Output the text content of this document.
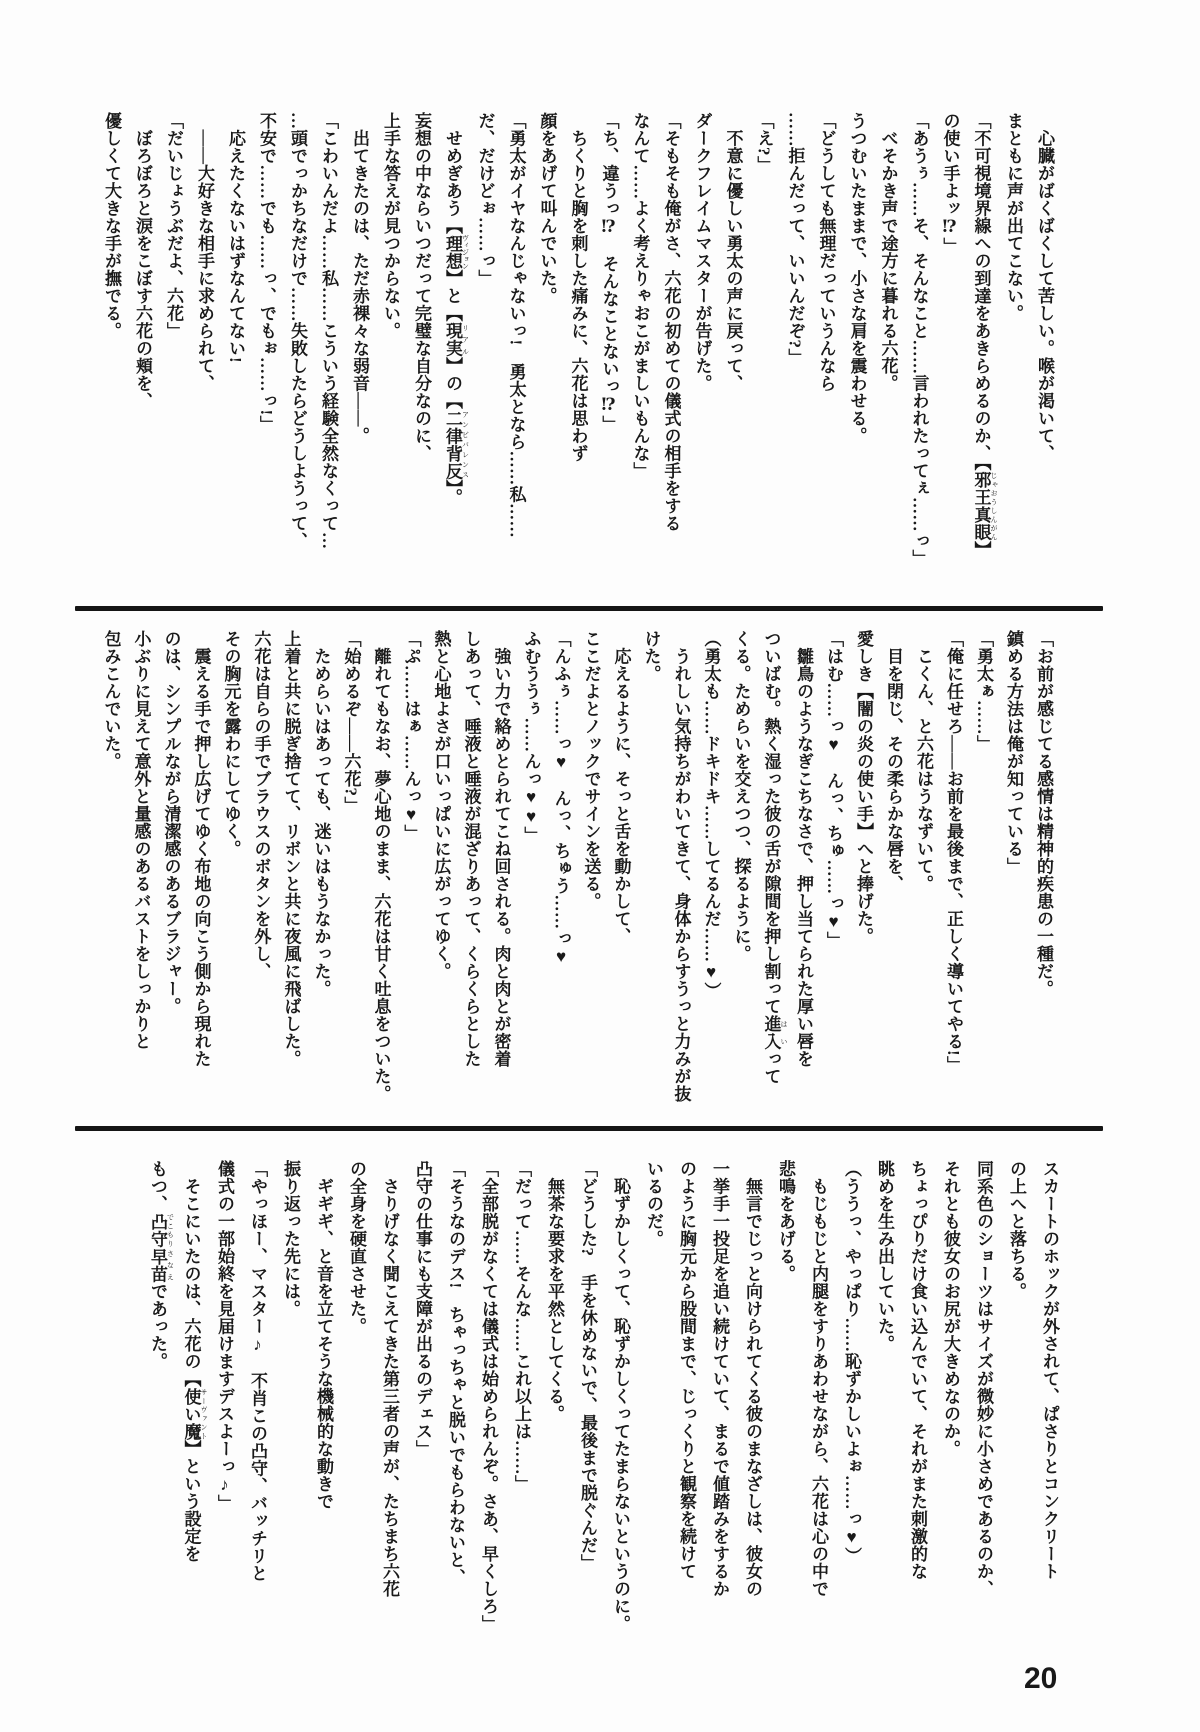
　心臓がばくばくして苦しい。喉が渇いて、

まともに声が出てこない。

「不可視境界線への到達をあきらめるのか、【邪王真眼 じゃおうしんがん】

の使い手よッ⁉」

「あうぅ……そ、そんなこと……言われたってぇ……っ」

　べそかき声で途方に暮れる六花。

うつむいたままで、小さな肩を震わせる。

「どうしても無理だっていうんなら

……拒んだって、いいんだぞ?」

「え?」

　不意に優しい勇太の声に戻って、

ダークフレイムマスターが告げた。

「そもそも俺がさ、六花の初めての儀式の相手をする

なんて……よく考えりゃおこがましいもんな」

「ち、違うっ⁉　そんなことないっ⁉」

　ちくりと胸を刺した痛みに、六花は思わず

顔をあげて叫んでいた。

「勇太がイヤなんじゃないっ!　勇太となら……私……

だ、だけどぉ……っ」

　せめぎあう【理想 ヴィジョン】と【現実 リアル】の【二律背反 アンビバレンス】。

妄想の中ならいつだって完璧な自分なのに、

上手な答えが見つからない。

　出てきたのは、ただ赤裸々な弱音――。

「こわいんだよ……私……こういう経験全然なくって…

…頭でっかちなだけで……失敗したらどうしようって、

不安で……でも……っ、でもぉ……っ!」

　応えたくないはずなんてない!

　――大好きな相手に求められて、

「だいじょうぶだよ、六花」

　ぼろぼろと涙をこぼす六花の頬を、

優しくて大きな手が撫でる。

「お前が感じてる感情は精神的疾患の一種だ。

鎮める方法は俺が知っている」

「勇太ぁ……」

「俺に任せろ――お前を最後まで、正しく導いてやる!」

　こくん、と六花はうなずいて。

　目を閉じ、その柔らかな唇を、

愛しき【闇の炎の使い手】へと捧げた。

「はむ……っ♥　んっ、ちゅ……っ♥」

　雛鳥のようなぎこちなさで、押し当てられた厚い唇を

ついばむ。熱く湿った彼の舌が隙間を押し割って進入 はいって

くる。ためらいを交えつつ、探るように。

（勇太も……ドキドキ……してるんだ……♥）

　うれしい気持ちがわいてきて、身体からすうっと力みが抜けた。

　応えるように、そっと舌を動かして、

ここだよとノックでサインを送る。

「んふぅ……っ♥　んっ、ちゅう……っ♥

ふむううぅ……んっ♥♥」

　強い力で絡めとられてこね回される。肉と肉とが密着

しあって、唾液と唾液が混ざりあって、くらくらとした

熱と心地よさが口いっぱいに広がってゆく。

「ぷ……はぁ……んっ♥」

　離れてもなお、夢心地のまま、六花は甘く吐息をついた。

「始めるぞ――六花?」

　ためらいはあっても、迷いはもうなかった。

上着と共に脱ぎ捨てて、リボンと共に夜風に飛ばした。

六花は自らの手でブラウスのボタンを外し、

その胸元を露わにしてゆく。

　震える手で押し広げてゆく布地の向こう側から現れた

のは、シンプルながら清潔感のあるブラジャー。

小ぶりに見えて意外と量感のあるバストをしっかりと

包みこんでいた。

スカートのホックが外されて、ぱさりとコンクリート

の上へと落ちる。

同系色のショーツはサイズが微妙に小さめであるのか、

それとも彼女のお尻が大きめなのか。

ちょっぴりだけ食い込んでいて、それがまた刺激的な

眺めを生み出していた。

（ううっ、やっぱり……恥ずかしいよぉ……っ♥）

　もじもじと内腿をすりあわせながら、六花は心の中で

悲鳴をあげる。

　無言でじっと向けられてくる彼のまなざしは、彼女の

一挙手一投足を追い続けていて、まるで値踏みをするか

のように胸元から股間まで、じっくりと観察を続けて

いるのだ。

　恥ずかしくって、恥ずかしくってたまらないというのに。

「どうした?　手を休めないで、最後まで脱ぐんだ」

　無茶な要求を平然としてくる。

「だって……そんな……これ以上は……」

「全部脱がなくては儀式は始められんぞ。さあ、早くしろ」

「そうなのデス!　ちゃっちゃと脱いでもらわないと、

凸守の仕事にも支障が出るのデェス」

　さりげなく聞こえてきた第三者の声が、たちまち六花

の全身を硬直させた。

　ギギギ、と音を立てそうな機械的な動きで

振り返った先には。

「やっほー、マスター♪　不肖この凸守、バッチリと

儀式の一部始終を見届けますデスよーっ♪」

　そこにいたのは、六花の【使い魔 サーヴァント】という設定を

もつ、凸守 でこもり早苗 さなえであった。

20
